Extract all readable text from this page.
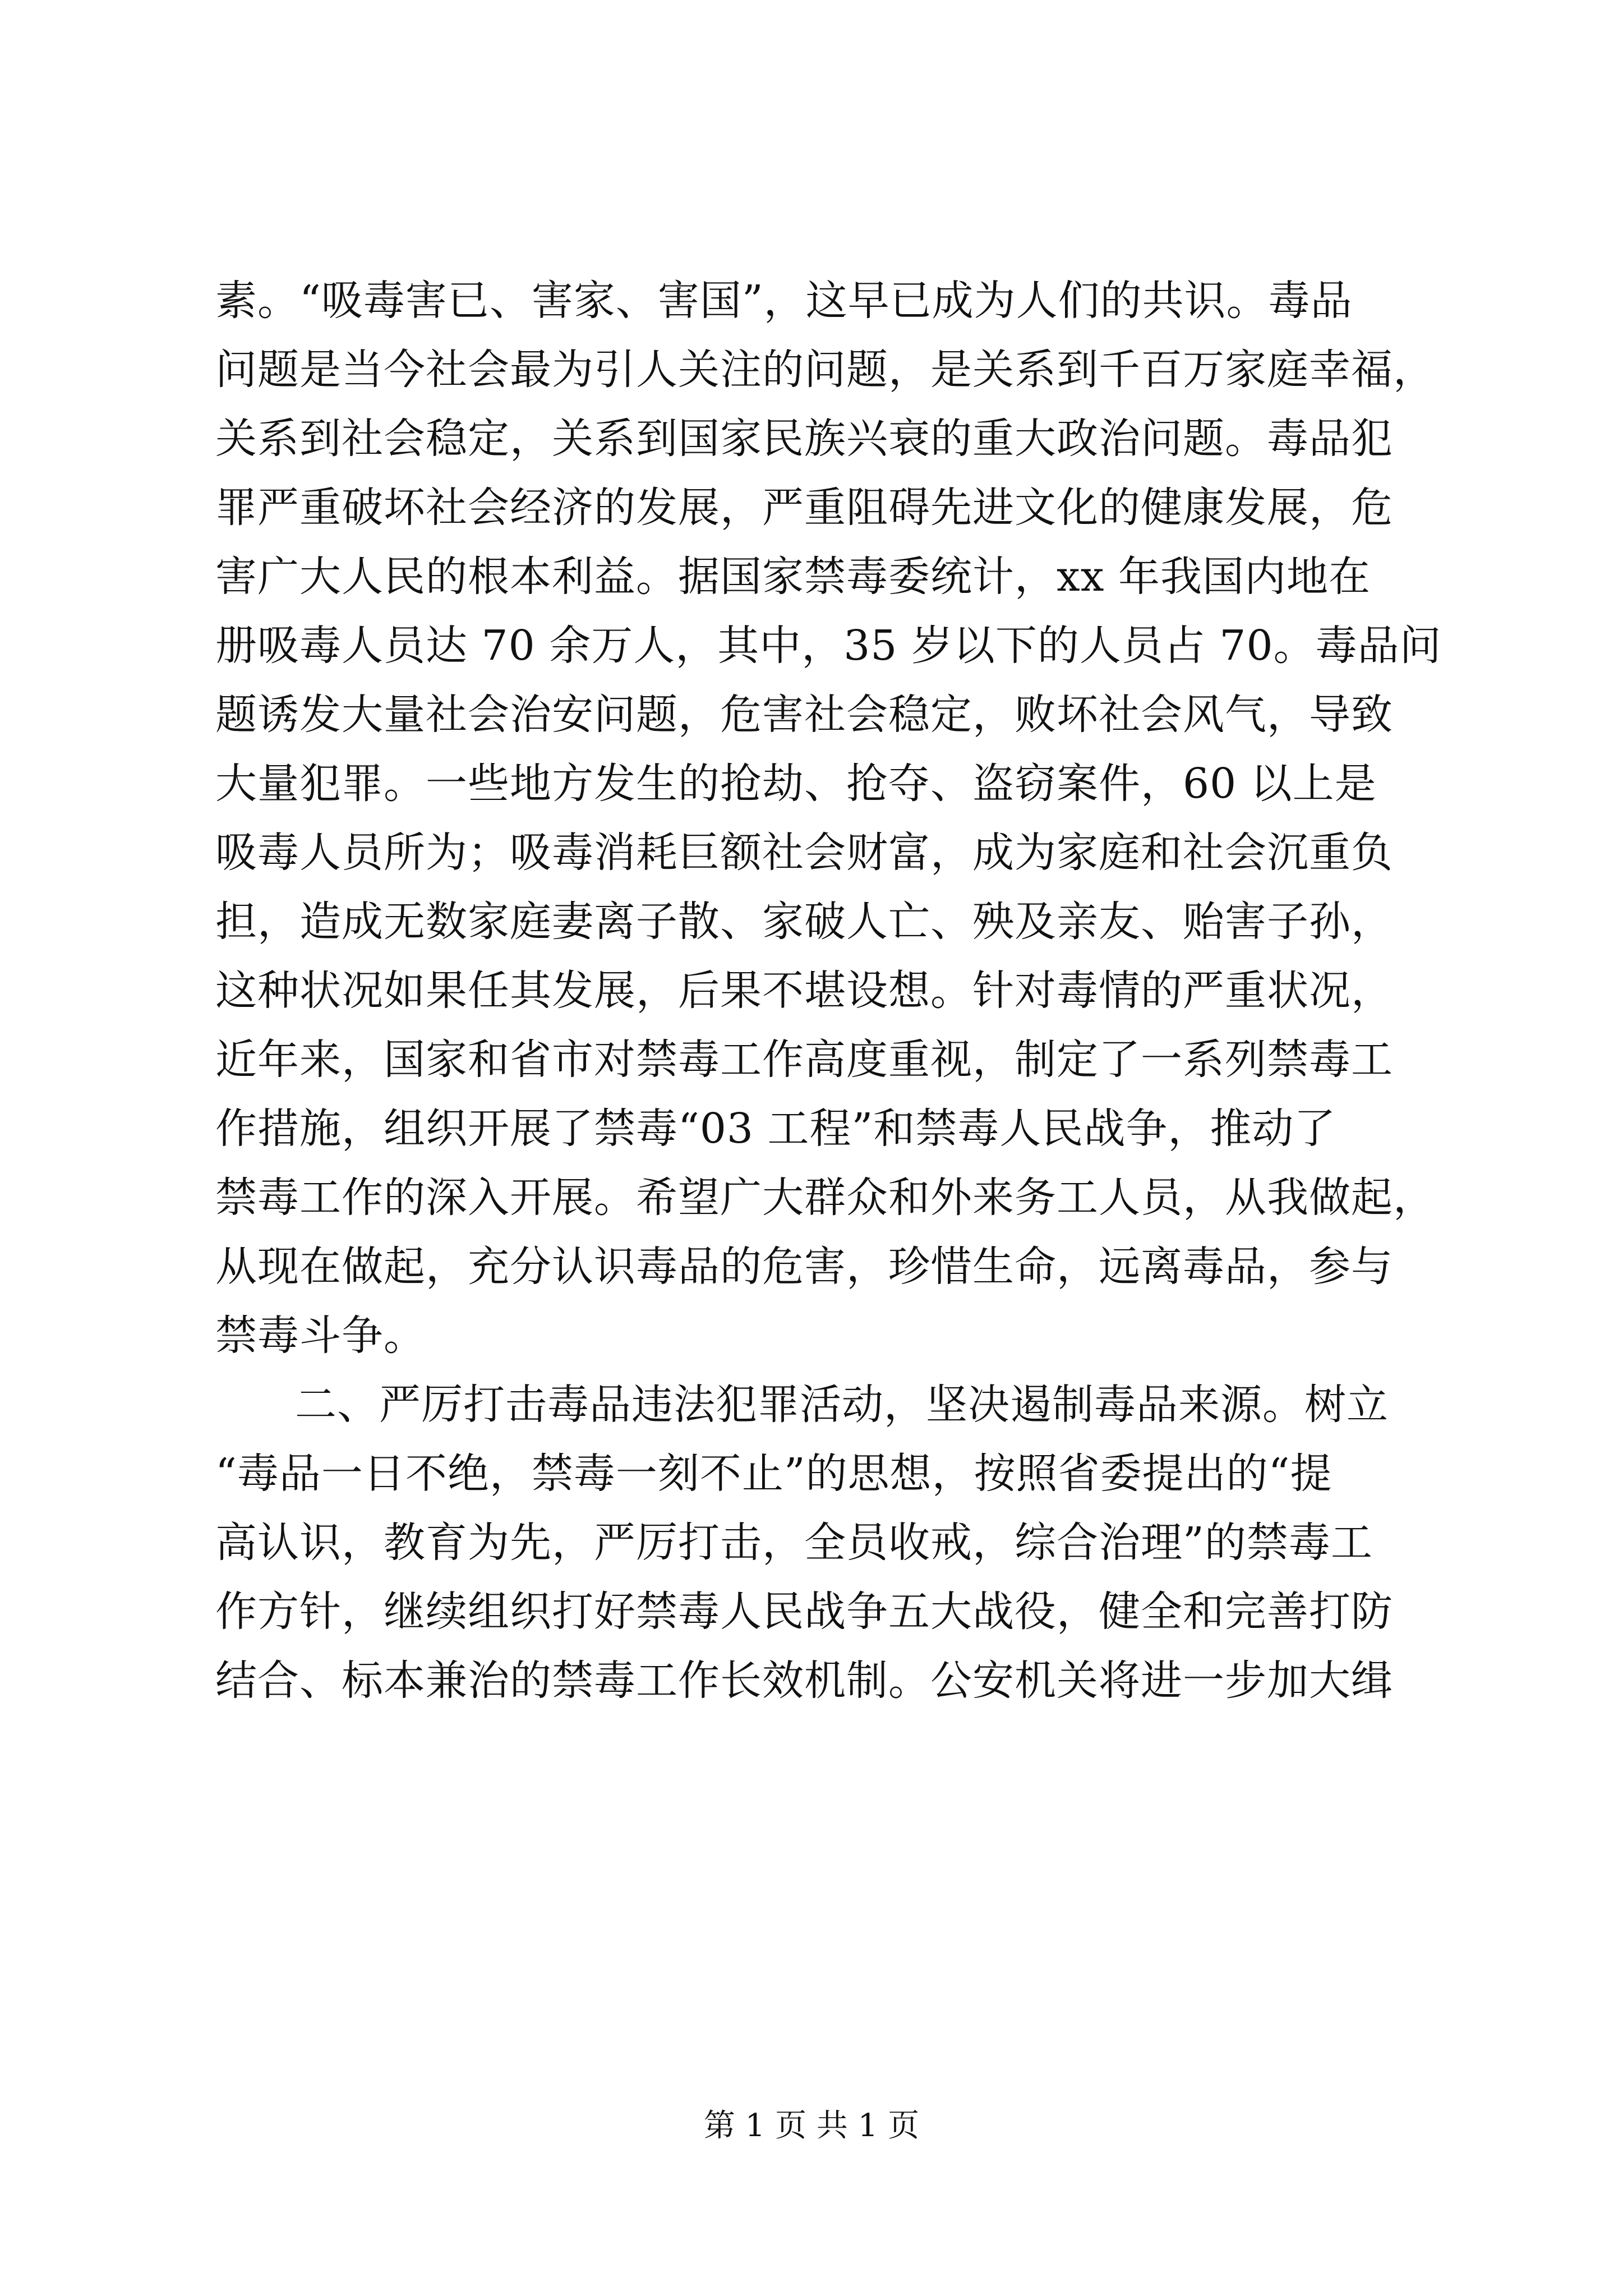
素。“吸毒害已、害家、害国”，这早已成为人们的共识。毒品
问题是当今社会最为引人关注的问题，是关系到千百万家庭幸福，
关系到社会稳定，关系到国家民族兴衰的重大政治问题。毒品犯
罪严重破坏社会经济的发展，严重阻碍先进文化的健康发展，危
害广大人民的根本利益。据国家禁毒委统计，xx 年我国内地在
册吸毒人员达 70 余万人，其中，35 岁以下的人员占 70。毒品问
题诱发大量社会治安问题，危害社会稳定，败坏社会风气，导致
大量犯罪。一些地方发生的抢劫、抢夺、盗窃案件，60 以上是
吸毒人员所为；吸毒消耗巨额社会财富，成为家庭和社会沉重负
担，造成无数家庭妻离子散、家破人亡、殃及亲友、贻害子孙，
这种状况如果任其发展，后果不堪设想。针对毒情的严重状况，
近年来，国家和省市对禁毒工作高度重视，制定了一系列禁毒工
作措施，组织开展了禁毒“03 工程”和禁毒人民战争，推动了
禁毒工作的深入开展。希望广大群众和外来务工人员，从我做起，
从现在做起，充分认识毒品的危害，珍惜生命，远离毒品，参与
禁毒斗争。
二、严厉打击毒品违法犯罪活动，坚决遏制毒品来源。树立
“毒品一日不绝，禁毒一刻不止”的思想，按照省委提出的“提
高认识，教育为先，严厉打击，全员收戒，综合治理”的禁毒工
作方针，继续组织打好禁毒人民战争五大战役，健全和完善打防
结合、标本兼治的禁毒工作长效机制。公安机关将进一步加大缉
第 1 页 共 1 页
